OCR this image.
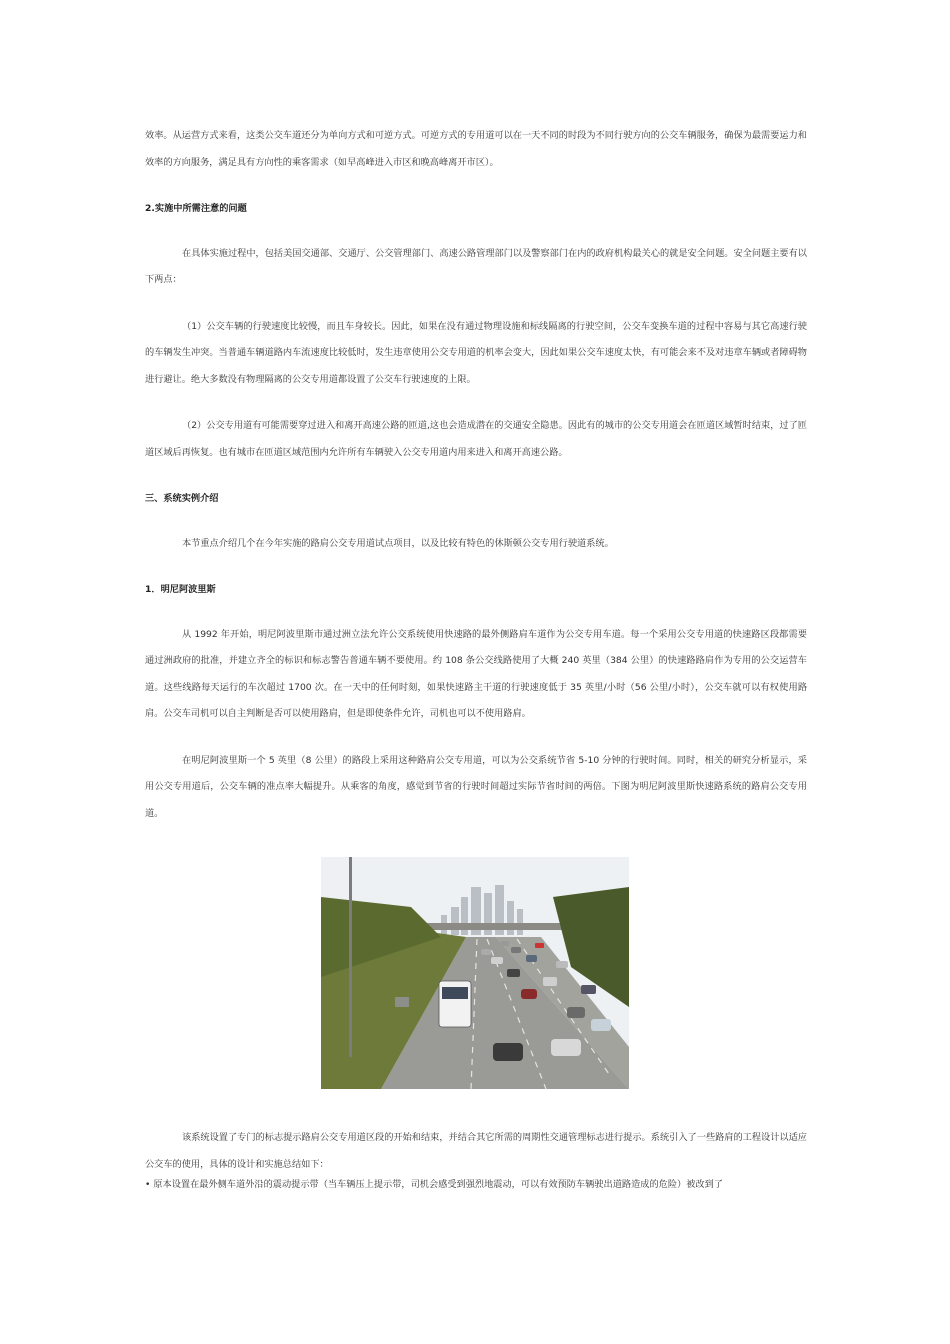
效率。从运营方式来看，这类公交车道还分为单向方式和可逆方式。可逆方式的专用道可以在一天不同的时段为不同行驶方向的公交车辆服务，确保为最需要运力和效率的方向服务，满足具有方向性的乘客需求（如早高峰进入市区和晚高峰离开市区）。

2.实施中所需注意的问题

在具体实施过程中，包括美国交通部、交通厅、公交管理部门、高速公路管理部门以及警察部门在内的政府机构最关心的就是安全问题。安全问题主要有以下两点：

（1）公交车辆的行驶速度比较慢，而且车身较长。因此，如果在没有通过物理设施和标线隔离的行驶空间，公交车变换车道的过程中容易与其它高速行驶的车辆发生冲突。当普通车辆道路内车流速度比较低时，发生违章使用公交专用道的机率会变大，因此如果公交车速度太快，有可能会来不及对违章车辆或者障碍物进行避让。绝大多数没有物理隔离的公交专用道都设置了公交车行驶速度的上限。

（2）公交专用道有可能需要穿过进入和离开高速公路的匝道,这也会造成潜在的交通安全隐患。因此有的城市的公交专用道会在匝道区域暂时结束，过了匝道区域后再恢复。也有城市在匝道区域范围内允许所有车辆驶入公交专用道内用来进入和离开高速公路。

三、系统实例介绍

本节重点介绍几个在今年实施的路肩公交专用道试点项目，以及比较有特色的休斯顿公交专用行驶道系统。

1．明尼阿波里斯

从 1992 年开始，明尼阿波里斯市通过洲立法允许公交系统使用快速路的最外侧路肩车道作为公交专用车道。每一个采用公交专用道的快速路区段都需要通过洲政府的批准，并建立齐全的标识和标志警告普通车辆不要使用。约 108 条公交线路使用了大概 240 英里（384 公里）的快速路路肩作为专用的公交运营车道。这些线路每天运行的车次超过 1700 次。在一天中的任何时刻，如果快速路主干道的行驶速度低于 35 英里/小时（56 公里/小时），公交车就可以有权使用路肩。公交车司机可以自主判断是否可以使用路肩，但是即使条件允许，司机也可以不使用路肩。

在明尼阿波里斯一个 5 英里（8 公里）的路段上采用这种路肩公交专用道，可以为公交系统节省 5-10 分钟的行驶时间。同时，相关的研究分析显示，采用公交专用道后，公交车辆的准点率大幅提升。从乘客的角度，感觉到节省的行驶时间超过实际节省时间的两倍。下图为明尼阿波里斯快速路系统的路肩公交专用道。

该系统设置了专门的标志提示路肩公交专用道区段的开始和结束，并结合其它所需的周期性交通管理标志进行提示。系统引入了一些路肩的工程设计以适应公交车的使用，具体的设计和实施总结如下：

• 原本设置在最外侧车道外沿的震动提示带（当车辆压上提示带，司机会感受到强烈地震动，可以有效预防车辆驶出道路造成的危险）被改到了
